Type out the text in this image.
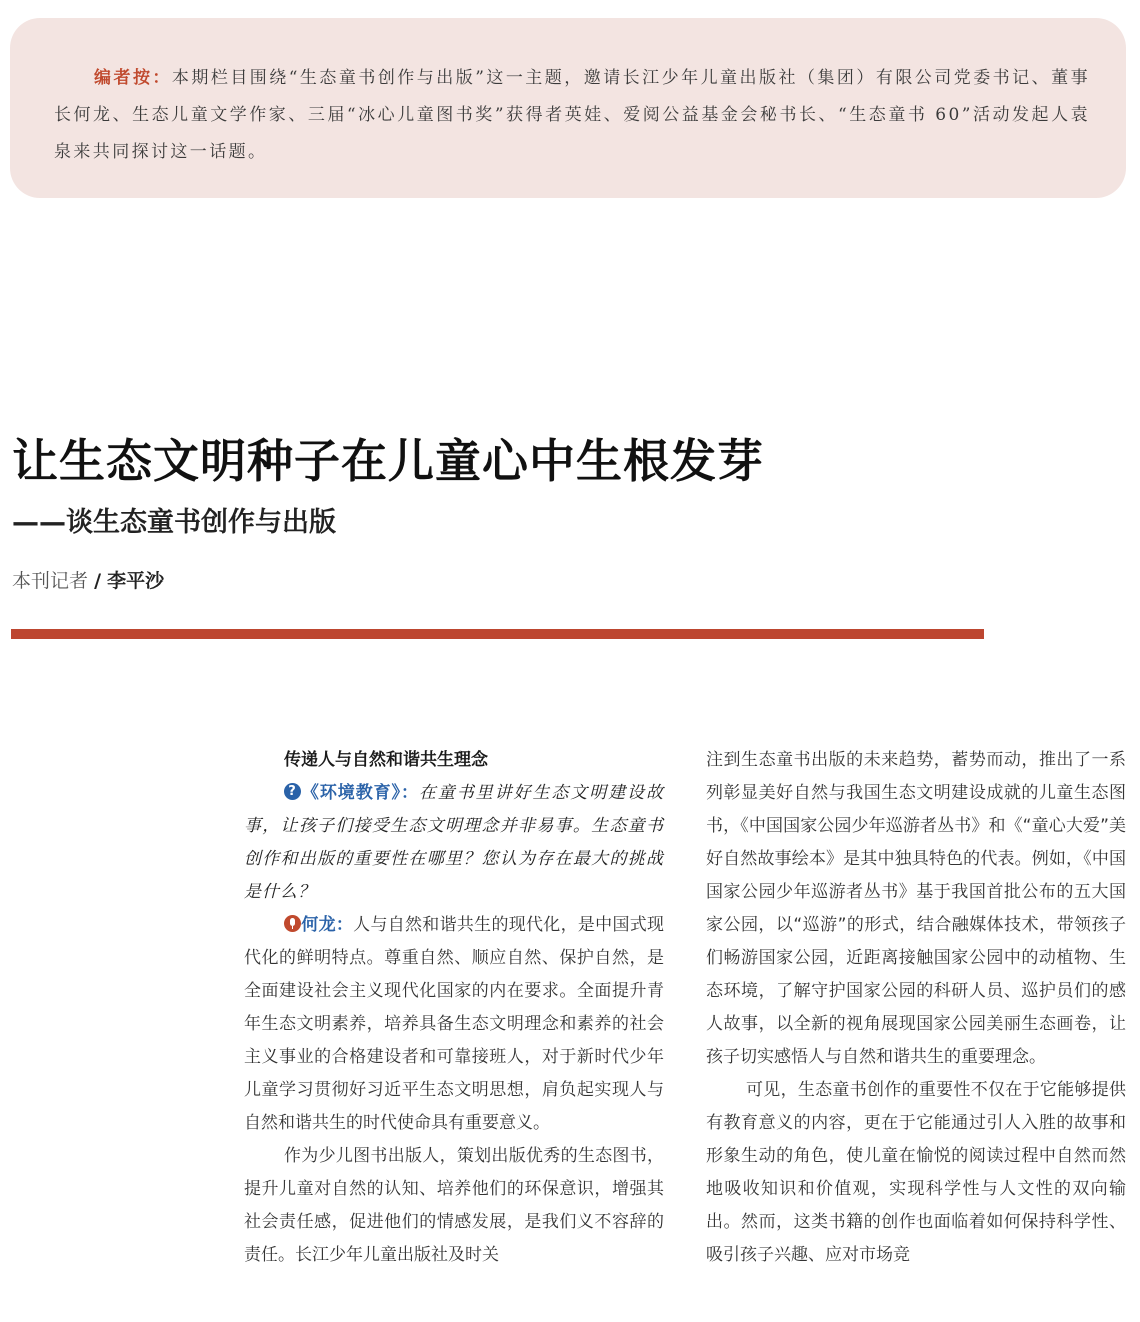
编者按：本期栏目围绕“生态童书创作与出版”这一主题，邀请长江少年儿童出版社（集团）有限公司党委书记、董事长何龙、生态儿童文学作家、三届“冰心儿童图书奖”获得者英娃、爱阅公益基金会秘书长、“生态童书 60”活动发起人袁泉来共同探讨这一话题。

让生态文明种子在儿童心中生根发芽
——谈生态童书创作与出版
本刊记者 / 李平沙

传递人与自然和谐共生理念

?《环境教育》：在童书里讲好生态文明建设故事，让孩子们接受生态文明理念并非易事。生态童书创作和出版的重要性在哪里？您认为存在最大的挑战是什么？

何龙：人与自然和谐共生的现代化，是中国式现代化的鲜明特点。尊重自然、顺应自然、保护自然，是全面建设社会主义现代化国家的内在要求。全面提升青年生态文明素养，培养具备生态文明理念和素养的社会主义事业的合格建设者和可靠接班人，对于新时代少年儿童学习贯彻好习近平生态文明思想，肩负起实现人与自然和谐共生的时代使命具有重要意义。

作为少儿图书出版人，策划出版优秀的生态图书，提升儿童对自然的认知、培养他们的环保意识，增强其社会责任感，促进他们的情感发展，是我们义不容辞的责任。长江少年儿童出版社及时关

注到生态童书出版的未来趋势，蓄势而动，推出了一系列彰显美好自然与我国生态文明建设成就的儿童生态图书，《中国国家公园少年巡游者丛书》和《“童心大爱”美好自然故事绘本》是其中独具特色的代表。例如，《中国国家公园少年巡游者丛书》基于我国首批公布的五大国家公园，以“巡游”的形式，结合融媒体技术，带领孩子们畅游国家公园，近距离接触国家公园中的动植物、生态环境，了解守护国家公园的科研人员、巡护员们的感人故事，以全新的视角展现国家公园美丽生态画卷，让孩子切实感悟人与自然和谐共生的重要理念。

可见，生态童书创作的重要性不仅在于它能够提供有教育意义的内容，更在于它能通过引人入胜的故事和形象生动的角色，使儿童在愉悦的阅读过程中自然而然地吸收知识和价值观，实现科学性与人文性的双向输出。然而，这类书籍的创作也面临着如何保持科学性、吸引孩子兴趣、应对市场竞
